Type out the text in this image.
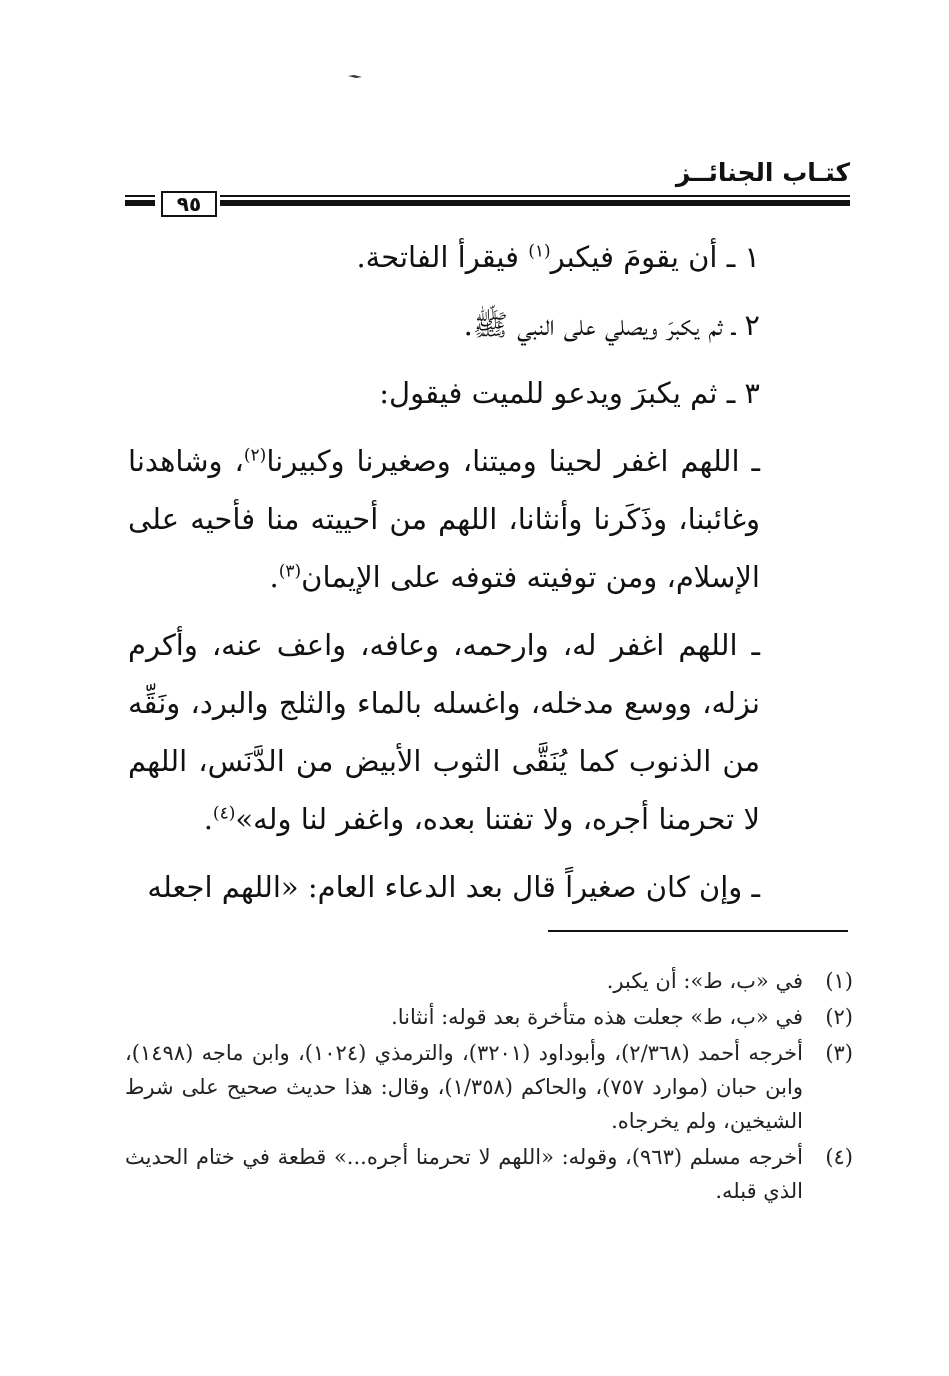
كتـاب الجنائــز
٩٥

١ ـ أن يقومَ فيكبر$^{(١)}$ فيقرأ الفاتحة.

٢ ـ ثم يكبرَ ويصلي على النبي ﷺ.

٣ ـ ثم يكبرَ ويدعو للميت فيقول:

ـ اللهم اغفر لحينا وميتنا، وصغيرنا وكبيرنا$^{(٢)}$، وشاهدنا وغائبنا، وذَكَرنا وأنثانا، اللهم من أحييته منا فأحيه على الإسلام، ومن توفيته فتوفه على الإيمان$^{(٣)}$.

ـ اللهم اغفر له، وارحمه، وعافه، واعف عنه، وأكرم نزله، ووسع مدخله، واغسله بالماء والثلج والبرد، ونَقِّه من الذنوب كما يُنَقَّى الثوب الأبيض من الدَّنَس، اللهم لا تحرمنا أجره، ولا تفتنا بعده، واغفر لنا وله»$^{(٤)}$.

ـ وإن كان صغيراً قال بعد الدعاء العام: «اللهم اجعله

(١)
في «ب، ط»: أن يكبر.
(٢)
في «ب، ط» جعلت هذه متأخرة بعد قوله: أنثانا.
(٣)
أخرجه أحمد (٢/٣٦٨)، وأبوداود (٣٢٠١)، والترمذي (١٠٢٤)، وابن ماجه (١٤٩٨)، وابن حبان (موارد ٧٥٧)، والحاكم (١/٣٥٨)، وقال: هذا حديث صحيح على شرط الشيخين، ولم يخرجاه.
(٤)
أخرجه مسلم (٩٦٣)، وقوله: «اللهم لا تحرمنا أجره...» قطعة في ختام الحديث الذي قبله.
